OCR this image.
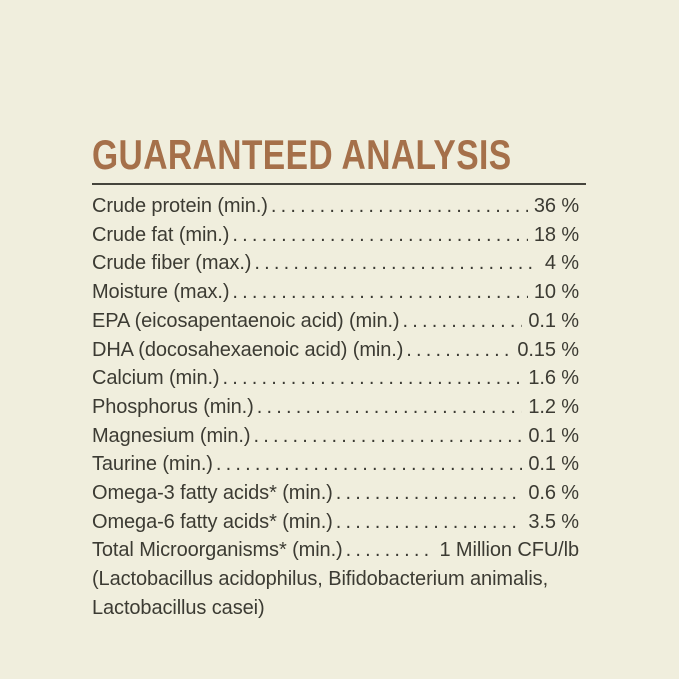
GUARANTEED ANALYSIS
Crude protein (min.) .....	36 %
Crude fat (min.) .....	18 %
Crude fiber (max.) .....	4 %
Moisture (max.) .....	10 %
EPA (eicosapentaenoic acid) (min.) .....	0.1 %
DHA (docosahexaenoic acid) (min.) .....	0.15 %
Calcium (min.) .....	1.6 %
Phosphorus (min.) .....	1.2 %
Magnesium (min.) .....	0.1 %
Taurine (min.) .....	0.1 %
Omega-3 fatty acids* (min.) .....	0.6 %
Omega-6 fatty acids* (min.) .....	3.5 %
Total Microorganisms* (min.) .....	1 Million CFU/lb
(Lactobacillus acidophilus, Bifidobacterium animalis,
Lactobacillus casei)
